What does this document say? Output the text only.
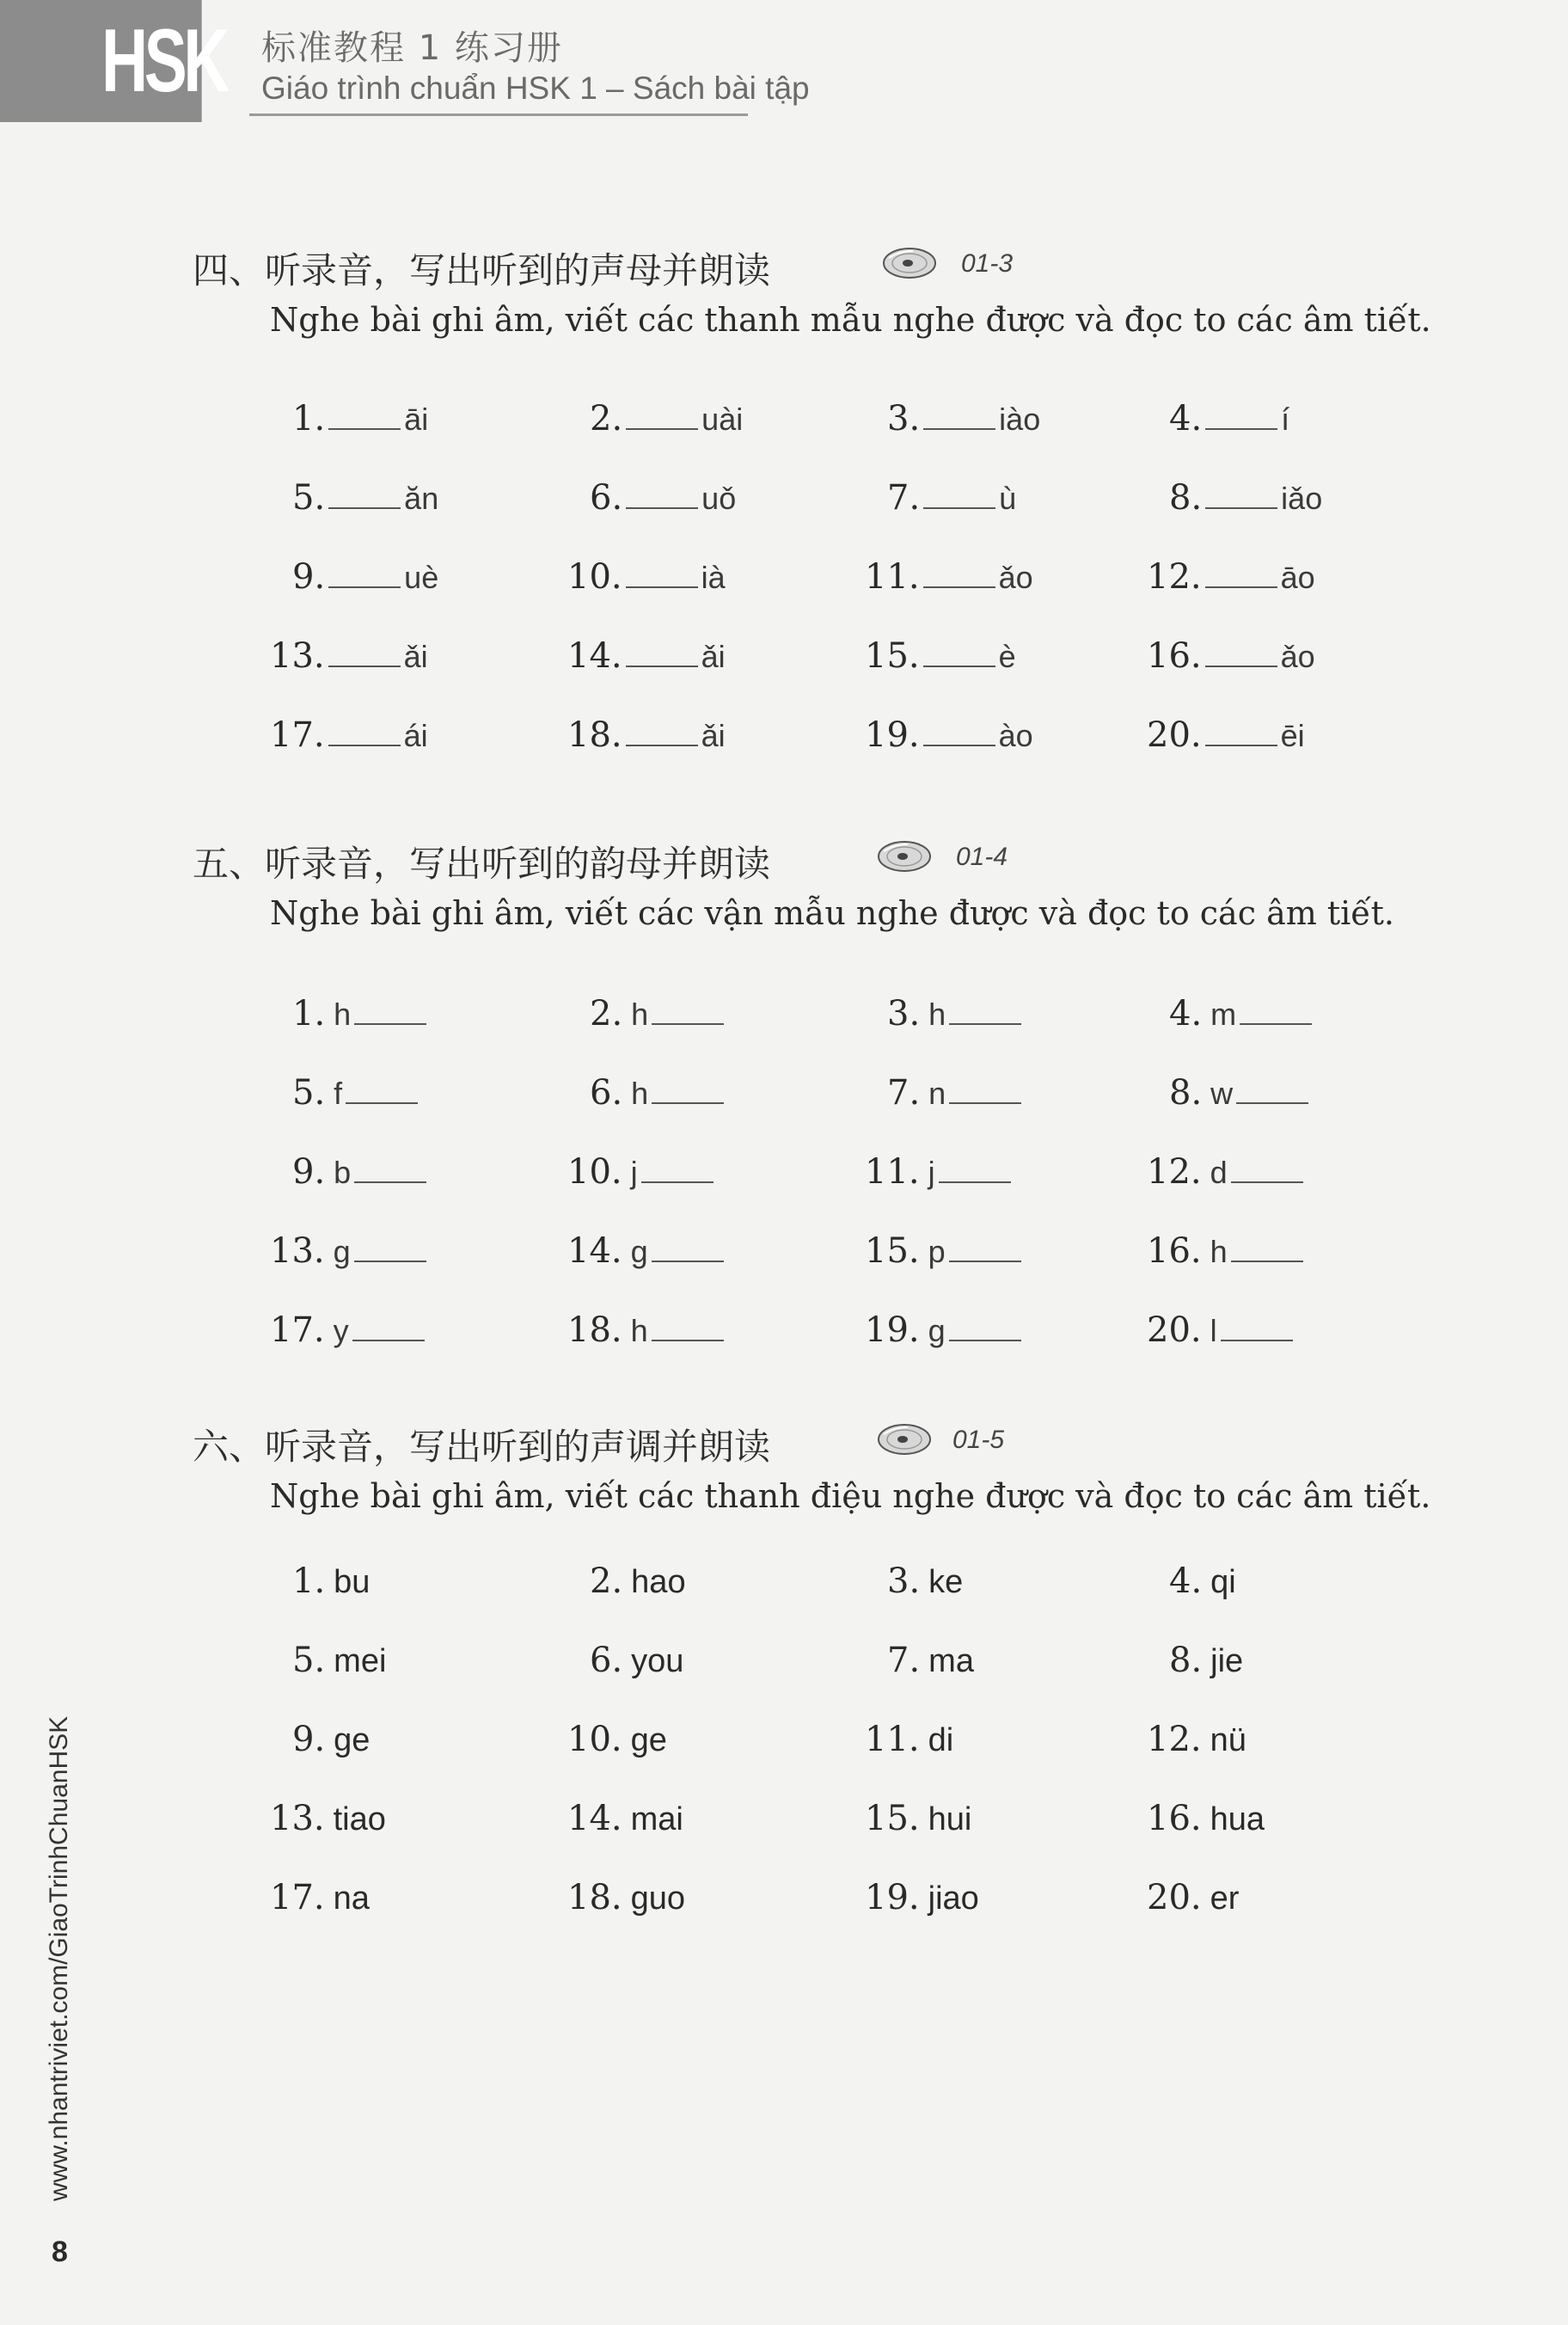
HSK 标准教程 1 练习册
Giáo trình chuẩn HSK 1 – Sách bài tập
四、听录音，写出听到的声母并朗读	01-3
Nghe bài ghi âm, viết các thanh mẫu nghe được và đọc to các âm tiết.
1.	āi	2.	uài	3.	iào	4.	í
5.	ăn	6.	uǒ	7.	ù	8.	iǎo
9.	uè	10.	ià	11.	ǎo	12.	āo
13.	ǎi	14.	ǎi	15.	è	16.	ǎo
17.	ái	18.	ǎi	19.	ào	20.	ēi
五、听录音，写出听到的韵母并朗读	01-4
Nghe bài ghi âm, viết các vận mẫu nghe được và đọc to các âm tiết.
1. h	2. h	3. h	4. m
5. f	6. h	7. n	8. w
9. b	10. j	11. j	12. d
13. g	14. g	15. p	16. h
17. y	18. h	19. g	20. l
六、听录音，写出听到的声调并朗读	01-5
Nghe bài ghi âm, viết các thanh điệu nghe được và đọc to các âm tiết.
1. bu	2. hao	3. ke	4. qi
5. mei	6. you	7. ma	8. jie
9. ge	10. ge	11. di	12. nü
13. tiao	14. mai	15. hui	16. hua
17. na	18. guo	19. jiao	20. er
www.nhantriviet.com/GiaoTrinhChuanHSK
8
